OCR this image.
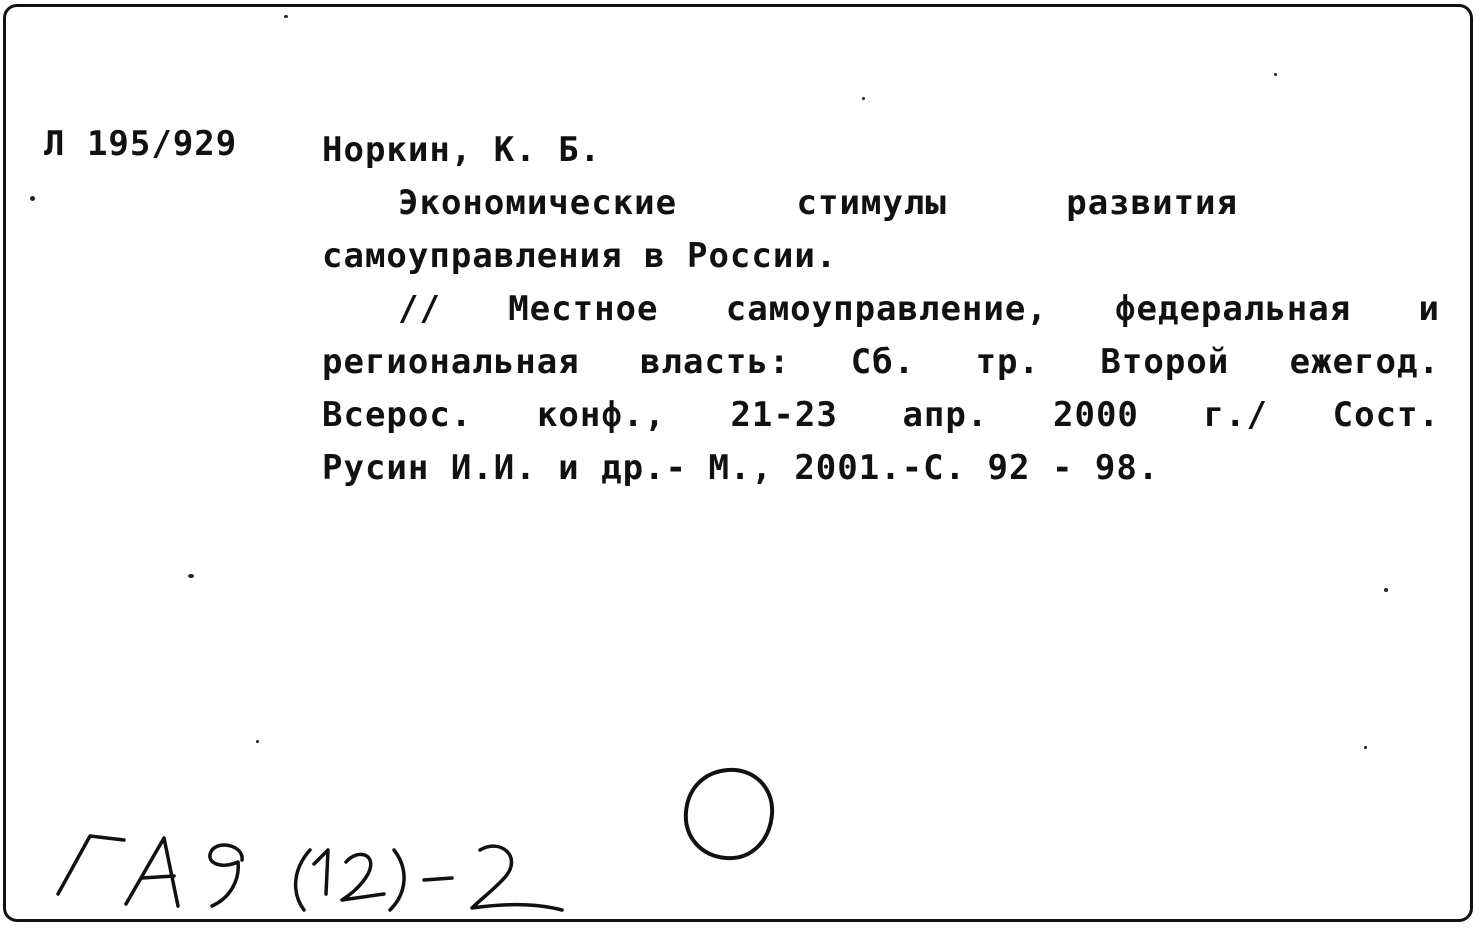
Л 195/929 Норкин, К. Б.
Экономические	стимулы	развития
самоуправления в России.
// Местное самоуправление, федеральная и
региональная власть: Сб. тр. Второй ежегод.
Всерос. конф., 21-23 апр. 2000 г./ Сост.
Русин И.И. и др.- М., 2001.-С. 92 - 98.
